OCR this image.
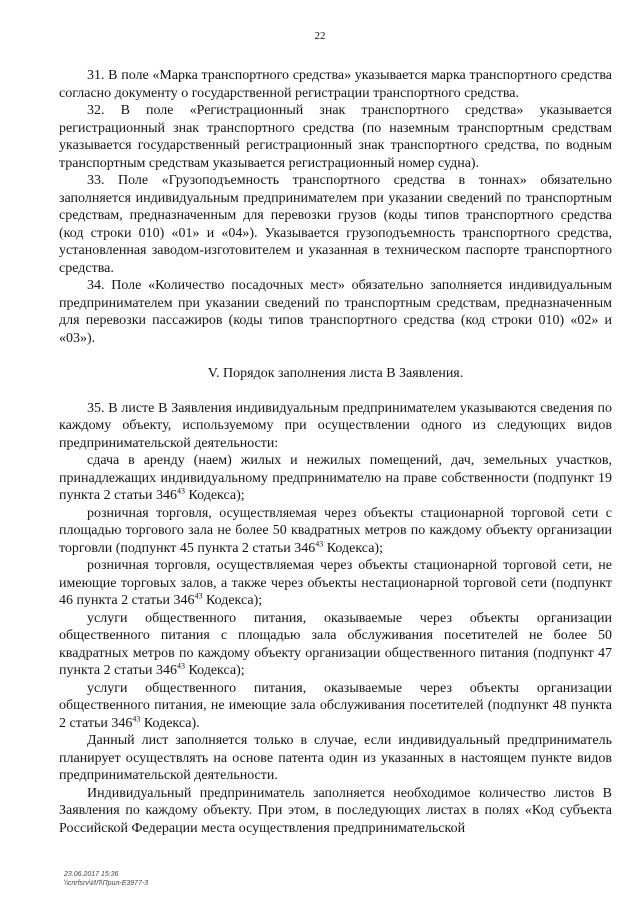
22

31. В поле «Марка транспортного средства» указывается марка транспортного средства согласно документу о государственной регистрации транспортного средства.

32. В поле «Регистрационный знак транспортного средства» указывается регистрационный знак транспортного средства (по наземным транспортным средствам указывается государственный регистрационный знак транспортного средства, по водным транспортным средствам указывается регистрационный номер судна).

33. Поле «Грузоподъемность транспортного средства в тоннах» обязательно заполняется индивидуальным предпринимателем при указании сведений по транспортным средствам, предназначенным для перевозки грузов (коды типов транспортного средства (код строки 010) «01» и «04»). Указывается грузоподъемность транспортного средства, установленная заводом-изготовителем и указанная в техническом паспорте транспортного средства.

34. Поле «Количество посадочных мест» обязательно заполняется индивидуальным предпринимателем при указании сведений по транспортным средствам, предназначенным для перевозки пассажиров (коды типов транспортного средства (код строки 010) «02» и «03»).

V. Порядок заполнения листа В Заявления.

35. В листе В Заявления индивидуальным предпринимателем указываются сведения по каждому объекту, используемому при осуществлении одного из следующих видов предпринимательской деятельности:

сдача в аренду (наем) жилых и нежилых помещений, дач, земельных участков, принадлежащих индивидуальному предпринимателю на праве собственности (подпункт 19 пункта 2 статьи $346^{43}$ Кодекса);

розничная торговля, осуществляемая через объекты стационарной торговой сети с площадью торгового зала не более 50 квадратных метров по каждому объекту организации торговли (подпункт 45 пункта 2 статьи $346^{43}$ Кодекса);

розничная торговля, осуществляемая через объекты стационарной торговой сети, не имеющие торговых залов, а также через объекты нестационарной торговой сети (подпункт 46 пункта 2 статьи $346^{43}$ Кодекса);

услуги общественного питания, оказываемые через объекты организации общественного питания с площадью зала обслуживания посетителей не более 50 квадратных метров по каждому объекту организации общественного питания (подпункт 47 пункта 2 статьи $346^{43}$ Кодекса);

услуги общественного питания, оказываемые через объекты организации общественного питания, не имеющие зала обслуживания посетителей (подпункт 48 пункта 2 статьи $346^{43}$ Кодекса).

Данный лист заполняется только в случае, если индивидуальный предприниматель планирует осуществлять на основе патента один из указанных в настоящем пункте видов предпринимательской деятельности.

Индивидуальный предприниматель заполняется необходимое количество листов В Заявления по каждому объекту. При этом, в последующих листах в полях «Код субъекта Российской Федерации места осуществления предпринимательской

23.06.2017 15:36
\\cnrfsrv\ИЛ\Прил-Е3977-3
